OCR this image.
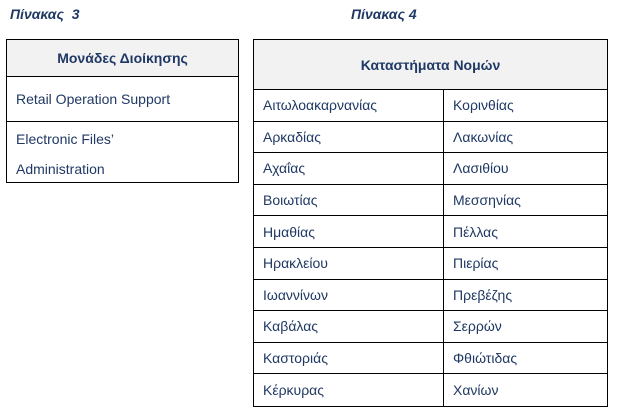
Πίνακας  3	Πίνακας 4
Μονάδες Διοίκησης
Retail Operation Support
Electronic Files’
Administration
Καταστήματα Νομών
Αιτωλοακαρνανίας	Κορινθίας
Αρκαδίας	Λακωνίας
Αχαΐας	Λασιθίου
Βοιωτίας	Μεσσηνίας
Ημαθίας	Πέλλας
Ηρακλείου	Πιερίας
Ιωαννίνων	Πρεβέζης
Καβάλας	Σερρών
Καστοριάς	Φθιώτιδας
Κέρκυρας	Χανίων
